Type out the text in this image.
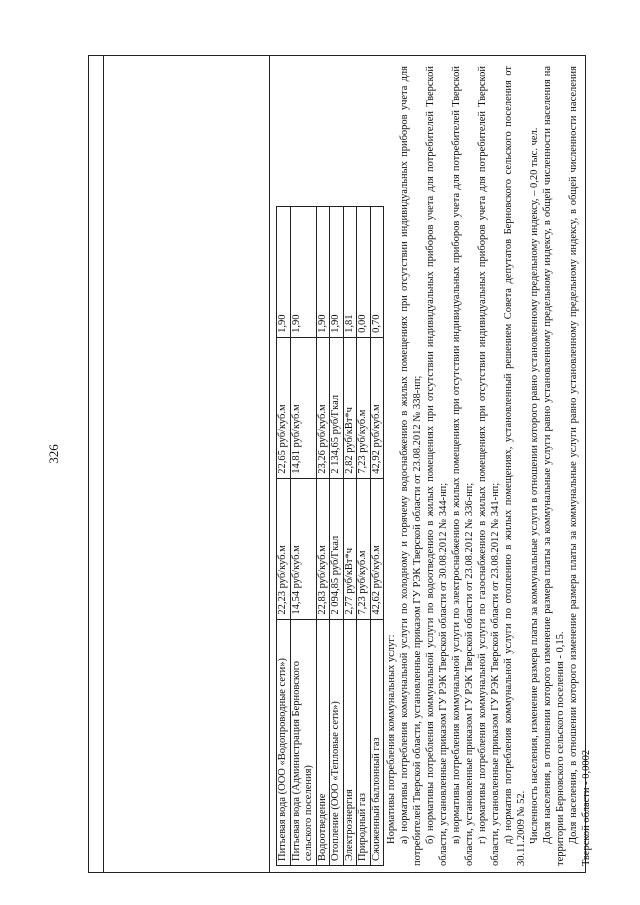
326
Питьевая вода (ООО «Водопроводные сети»)	22,23 руб/куб.м	22,65 руб/куб.м	1,90
Питьевая вода (Администрация Берновского сельского поселения)	14,54 руб/куб.м	14,81 руб/куб.м	1,90
Водоотведение	22,83 руб/куб.м	23,26 руб/куб.м	1,90
Отопление (ООО «Тепловые сети»)	2 094,85 руб/Гкал	2 134,65 руб/Гкал	1,90
Электроэнергия	2,77 руб/кВт*ч	2,82 руб/кВт*ч	1,81
Природный газ	7,23 руб/куб.м	7,23 руб/куб.м	0,00
Сжиженный баллонный газ	42,62 руб/куб.м	42,92 руб/куб.м	0,70

Нормативы потребления коммунальных услуг: а) нормативы потребления коммунальной услуги по холодному и горячему водоснабжению в жилых помещениях при отсутствии индивидуальных приборов учета для потребителей Тверской области, установленные приказом ГУ РЭК Тверской области от 23.08.2012 № 338-нп; б) нормативы потребления коммунальной услуги по водоотведению в жилых помещениях при отсутствии индивидуальных приборов учета для потребителей Тверской области, установленные приказом ГУ РЭК Тверской области от 30.08.2012 № 344-нп; в) нормативы потребления коммунальной услуги по электроснабжению в жилых помещениях при отсутствии индивидуальных приборов учета для потребителей Тверской области, установленные приказом ГУ РЭК Тверской области от 23.08.2012 № 336-нп; г) нормативы потребления коммунальной услуги по газоснабжению в жилых помещениях при отсутствии индивидуальных приборов учета для потребителей Тверской области, установленные приказом ГУ РЭК Тверской области от 23.08.2012 № 341-нп; д) норматив потребления коммунальной услуги по отоплению в жилых помещениях, установленный решением Совета депутатов Берновского сельского поселения от 30.11.2009 № 52. Численность населения, изменение размера платы за коммунальные услуги в отношении которого равно установленному предельному индексу, – 0,20 тыс. чел. Доля населения, в отношении которого изменение размера платы за коммунальные услуги равно установленному предельному индексу, в общей численности населения на территории Берновского сельского поселения - 0,15. Доля населения, в отношении которого изменение размера платы за коммунальные услуги равно установленному предельному индексу, в общей численности населения Тверской области - 0,0002
